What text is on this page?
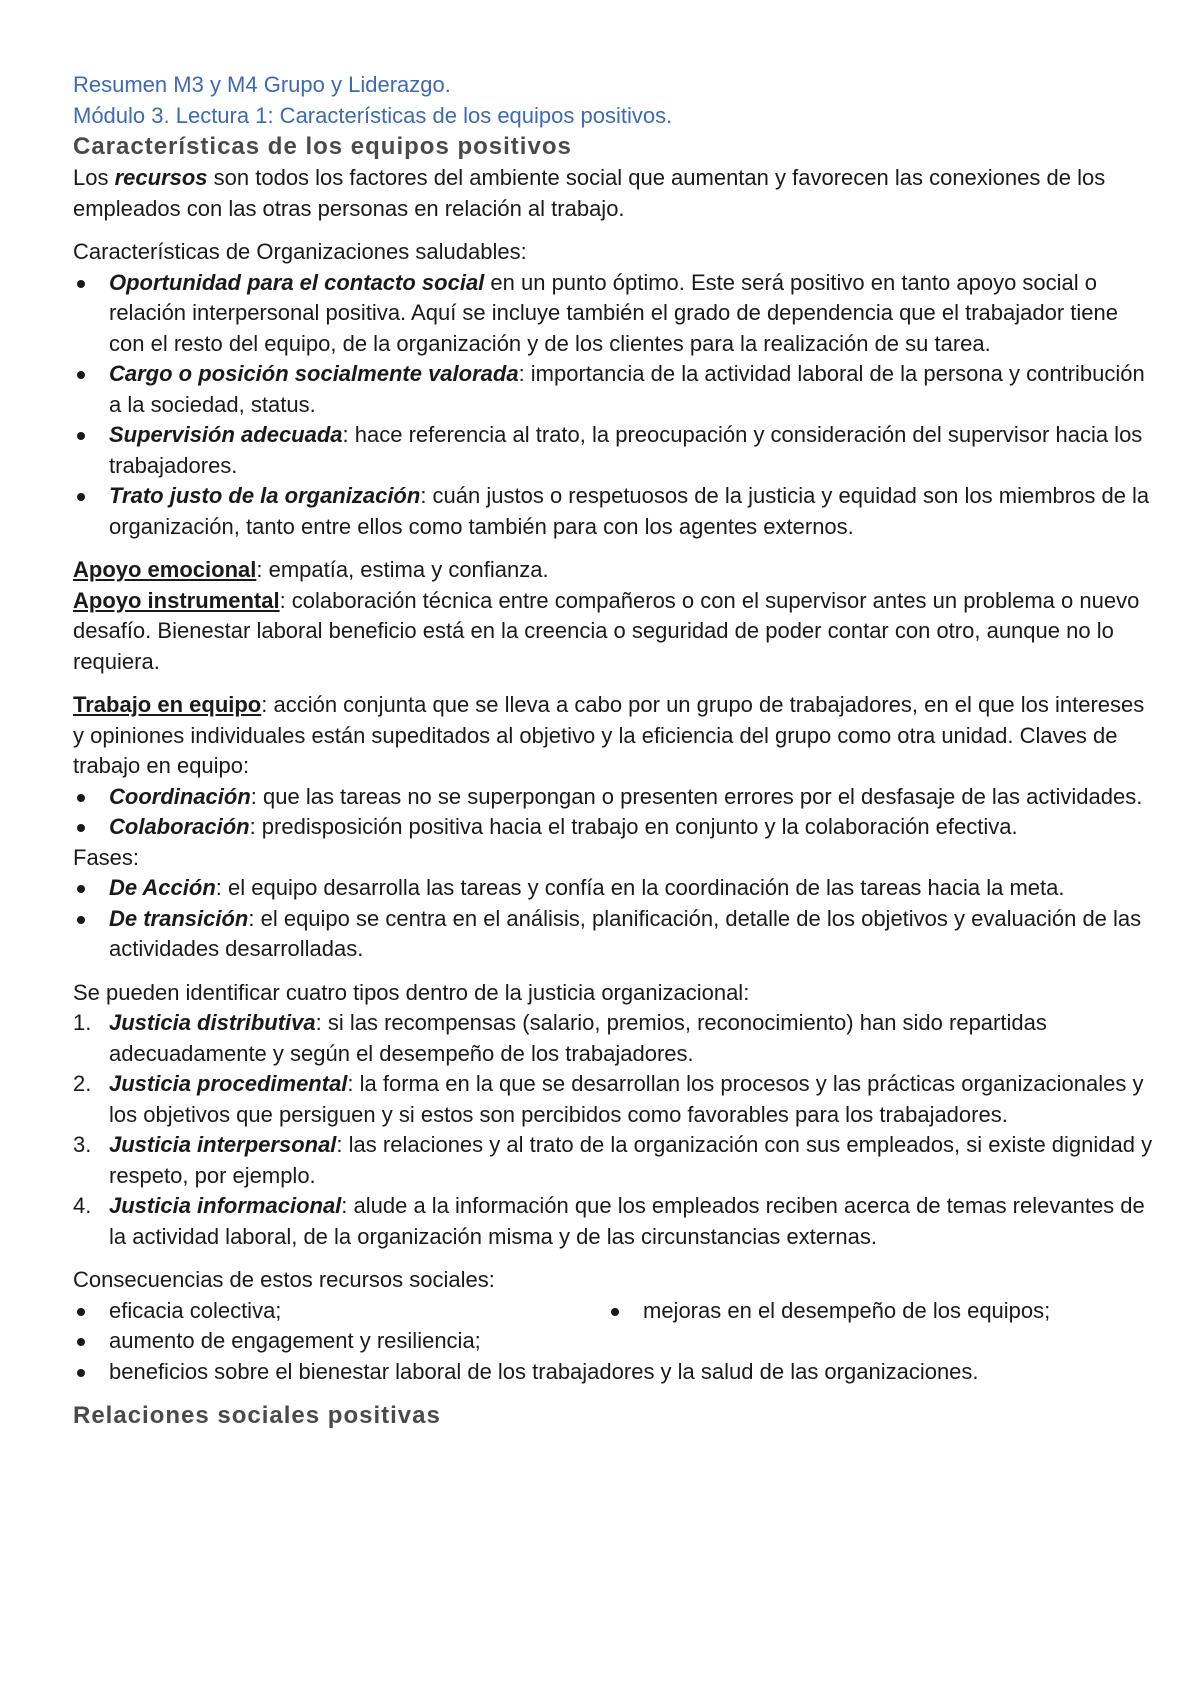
Resumen M3 y M4 Grupo y Liderazgo.

Módulo 3. Lectura 1: Características de los equipos positivos.

Características de los equipos positivos

Los recursos son todos los factores del ambiente social que aumentan y favorecen las conexiones de los empleados con las otras personas en relación al trabajo.

Características de Organizaciones saludables:

Oportunidad para el contacto social en un punto óptimo. Este será positivo en tanto apoyo social o relación interpersonal positiva. Aquí se incluye también el grado de dependencia que el trabajador tiene con el resto del equipo, de la organización y de los clientes para la realización de su tarea.
Cargo o posición socialmente valorada: importancia de la actividad laboral de la persona y contribución a la sociedad, status.
Supervisión adecuada: hace referencia al trato, la preocupación y consideración del supervisor hacia los trabajadores.
Trato justo de la organización: cuán justos o respetuosos de la justicia y equidad son los miembros de la organización, tanto entre ellos como también para con los agentes externos.

Apoyo emocional: empatía, estima y confianza.

Apoyo instrumental: colaboración técnica entre compañeros o con el supervisor antes un problema o nuevo desafío. Bienestar laboral beneficio está en la creencia o seguridad de poder contar con otro, aunque no lo requiera.

Trabajo en equipo: acción conjunta que se lleva a cabo por un grupo de trabajadores, en el que los intereses y opiniones individuales están supeditados al objetivo y la eficiencia del grupo como otra unidad. Claves de trabajo en equipo:

Coordinación: que las tareas no se superpongan o presenten errores por el desfasaje de las actividades.
Colaboración: predisposición positiva hacia el trabajo en conjunto y la colaboración efectiva.

Fases:

De Acción: el equipo desarrolla las tareas y confía en la coordinación de las tareas hacia la meta.
De transición: el equipo se centra en el análisis, planificación, detalle de los objetivos y evaluación de las actividades desarrolladas.

Se pueden identificar cuatro tipos dentro de la justicia organizacional:

1. Justicia distributiva: si las recompensas (salario, premios, reconocimiento) han sido repartidas adecuadamente y según el desempeño de los trabajadores.
2. Justicia procedimental: la forma en la que se desarrollan los procesos y las prácticas organizacionales y los objetivos que persiguen y si estos son percibidos como favorables para los trabajadores.
3. Justicia interpersonal: las relaciones y al trato de la organización con sus empleados, si existe dignidad y respeto, por ejemplo.
4. Justicia informacional: alude a la información que los empleados reciben acerca de temas relevantes de la actividad laboral, de la organización misma y de las circunstancias externas.

Consecuencias de estos recursos sociales:

eficacia colectiva;	mejoras en el desempeño de los equipos;
aumento de engagement y resiliencia;
beneficios sobre el bienestar laboral de los trabajadores y la salud de las organizaciones.

Relaciones sociales positivas
